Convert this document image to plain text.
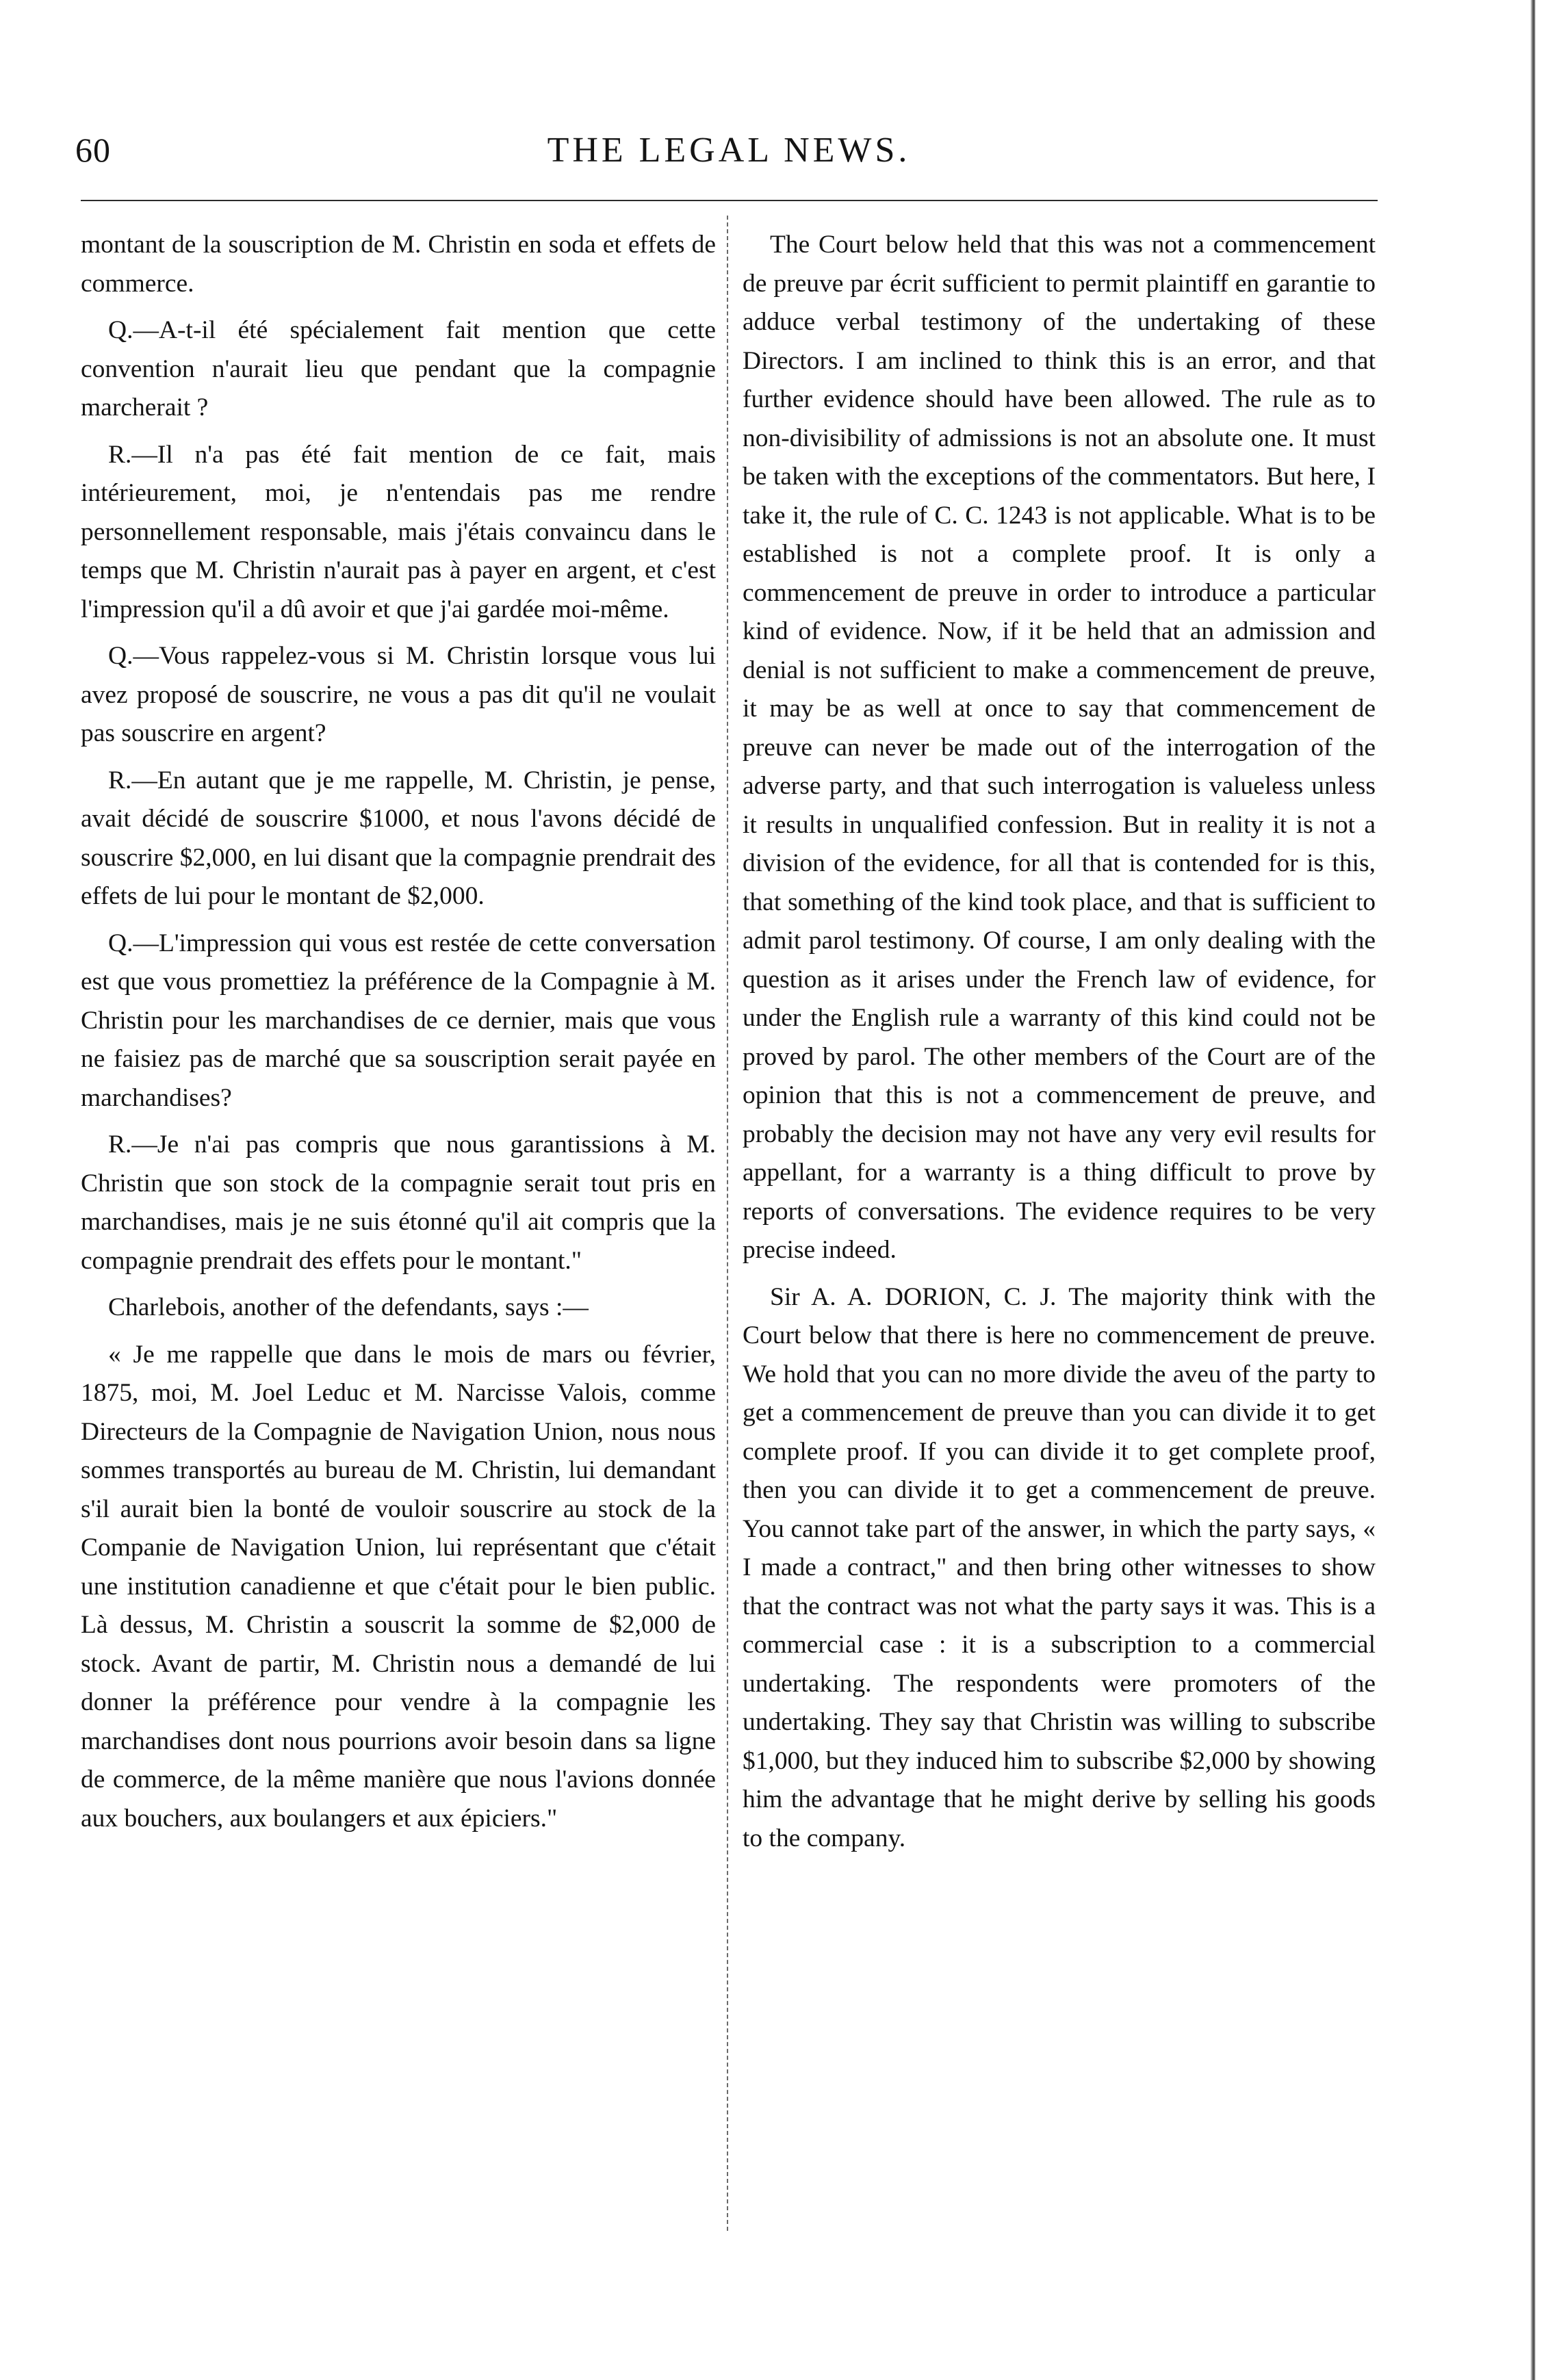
60	THE LEGAL NEWS.

montant de la souscription de M. Christin en soda et effets de commerce.

Q.—A-t-il été spécialement fait mention que cette convention n'aurait lieu que pendant que la compagnie marcherait ?

R.—Il n'a pas été fait mention de ce fait, mais intérieurement, moi, je n'entendais pas me rendre personnellement responsable, mais j'étais convaincu dans le temps que M. Christin n'aurait pas à payer en argent, et c'est l'impression qu'il a dû avoir et que j'ai gardée moi-même.

Q.—Vous rappelez-vous si M. Christin lorsque vous lui avez proposé de souscrire, ne vous a pas dit qu'il ne voulait pas souscrire en argent?

R.—En autant que je me rappelle, M. Christin, je pense, avait décidé de souscrire $1000, et nous l'avons décidé de souscrire $2,000, en lui disant que la compagnie prendrait des effets de lui pour le montant de $2,000.

Q.—L'impression qui vous est restée de cette conversation est que vous promettiez la préférence de la Compagnie à M. Christin pour les marchandises de ce dernier, mais que vous ne faisiez pas de marché que sa souscription serait payée en marchandises?

R.—Je n'ai pas compris que nous garantissions à M. Christin que son stock de la compagnie serait tout pris en marchandises, mais je ne suis étonné qu'il ait compris que la compagnie prendrait des effets pour le montant."

Charlebois, another of the defendants, says :—

« Je me rappelle que dans le mois de mars ou février, 1875, moi, M. Joel Leduc et M. Narcisse Valois, comme Directeurs de la Compagnie de Navigation Union, nous nous sommes transportés au bureau de M. Christin, lui demandant s'il aurait bien la bonté de vouloir souscrire au stock de la Companie de Navigation Union, lui représentant que c'était une institution canadienne et que c'était pour le bien public. Là dessus, M. Christin a souscrit la somme de $2,000 de stock. Avant de partir, M. Christin nous a demandé de lui donner la préférence pour vendre à la compagnie les marchandises dont nous pourrions avoir besoin dans sa ligne de commerce, de la même manière que nous l'avions donnée aux bouchers, aux boulangers et aux épiciers."

The Court below held that this was not a commencement de preuve par écrit sufficient to permit plaintiff en garantie to adduce verbal testimony of the undertaking of these Directors. I am inclined to think this is an error, and that further evidence should have been allowed. The rule as to non-divisibility of admissions is not an absolute one. It must be taken with the exceptions of the commentators. But here, I take it, the rule of C. C. 1243 is not applicable. What is to be established is not a complete proof. It is only a commencement de preuve in order to introduce a particular kind of evidence. Now, if it be held that an admission and denial is not sufficient to make a commencement de preuve, it may be as well at once to say that commencement de preuve can never be made out of the interrogation of the adverse party, and that such interrogation is valueless unless it results in unqualified confession. But in reality it is not a division of the evidence, for all that is contended for is this, that something of the kind took place, and that is sufficient to admit parol testimony. Of course, I am only dealing with the question as it arises under the French law of evidence, for under the English rule a warranty of this kind could not be proved by parol. The other members of the Court are of the opinion that this is not a commencement de preuve, and probably the decision may not have any very evil results for appellant, for a warranty is a thing difficult to prove by reports of conversations. The evidence requires to be very precise indeed.

Sir A. A. DORION, C. J. The majority think with the Court below that there is here no commencement de preuve. We hold that you can no more divide the aveu of the party to get a commencement de preuve than you can divide it to get complete proof. If you can divide it to get complete proof, then you can divide it to get a commencement de preuve. You cannot take part of the answer, in which the party says, « I made a contract," and then bring other witnesses to show that the contract was not what the party says it was. This is a commercial case : it is a subscription to a commercial undertaking. The respondents were promoters of the undertaking. They say that Christin was willing to subscribe $1,000, but they induced him to subscribe $2,000 by showing him the advantage that he might derive by selling his goods to the company.
